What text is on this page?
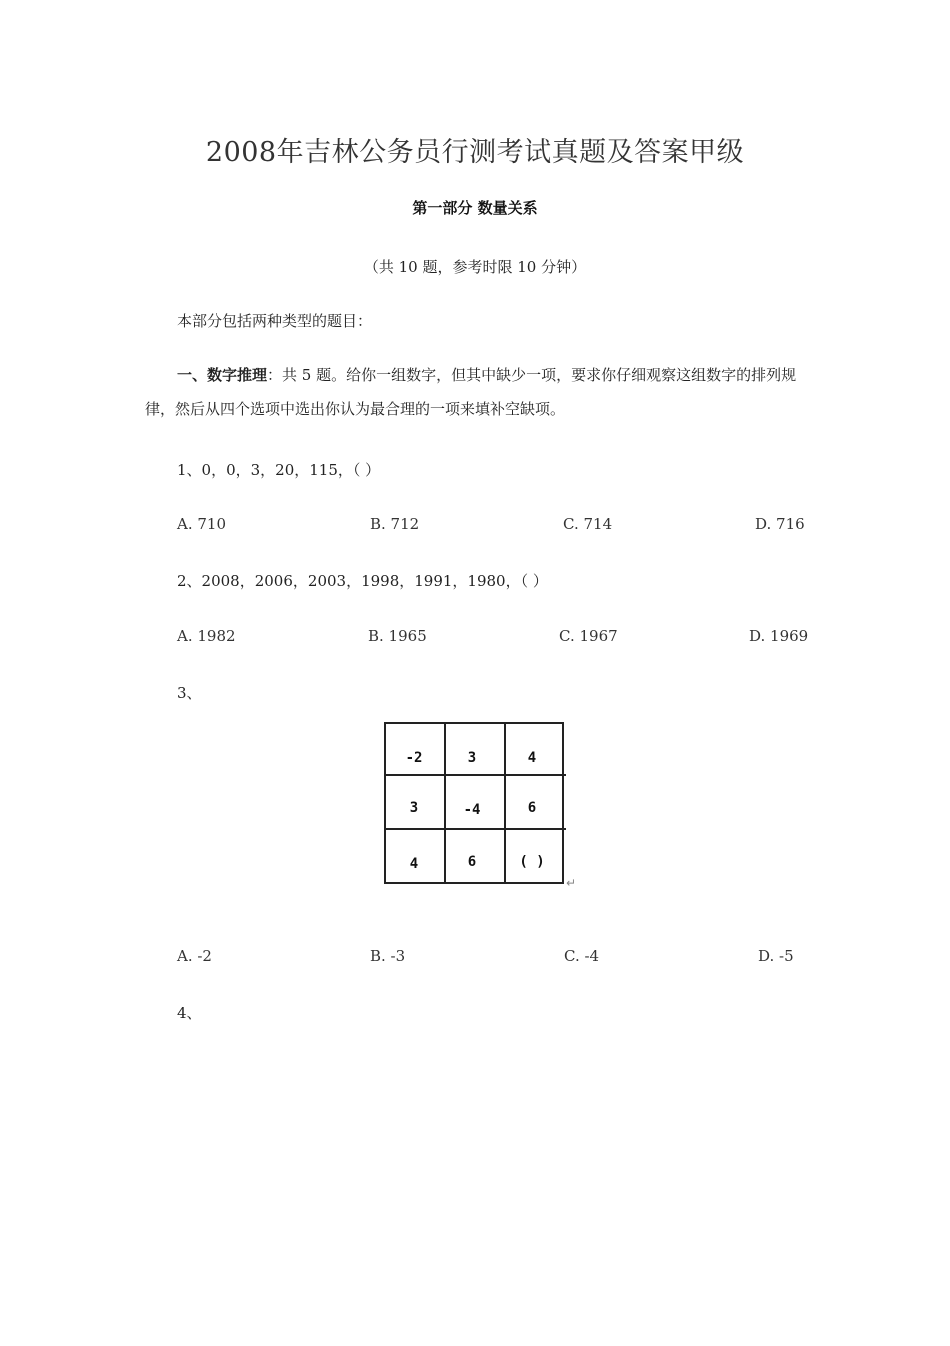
2008年吉林公务员行测考试真题及答案甲级
第一部分 数量关系
（共 10 题，参考时限 10 分钟）
本部分包括两种类型的题目：
一、数字推理：共 5 题。给你一组数字，但其中缺少一项，要求你仔细观察这组数字的排列规律，然后从四个选项中选出你认为最合理的一项来填补空缺项。
1、0，0，3，20，115，（ ）
A. 710	B. 712	C. 714	D. 716
2、2008，2006，2003，1998，1991，1980，（ ）
A. 1982	B. 1965	C. 1967	D. 1969
3、
-2	3	4
3	-4	6
4	6	( )
↵
A. -2	B. -3	C. -4	D. -5
4、
